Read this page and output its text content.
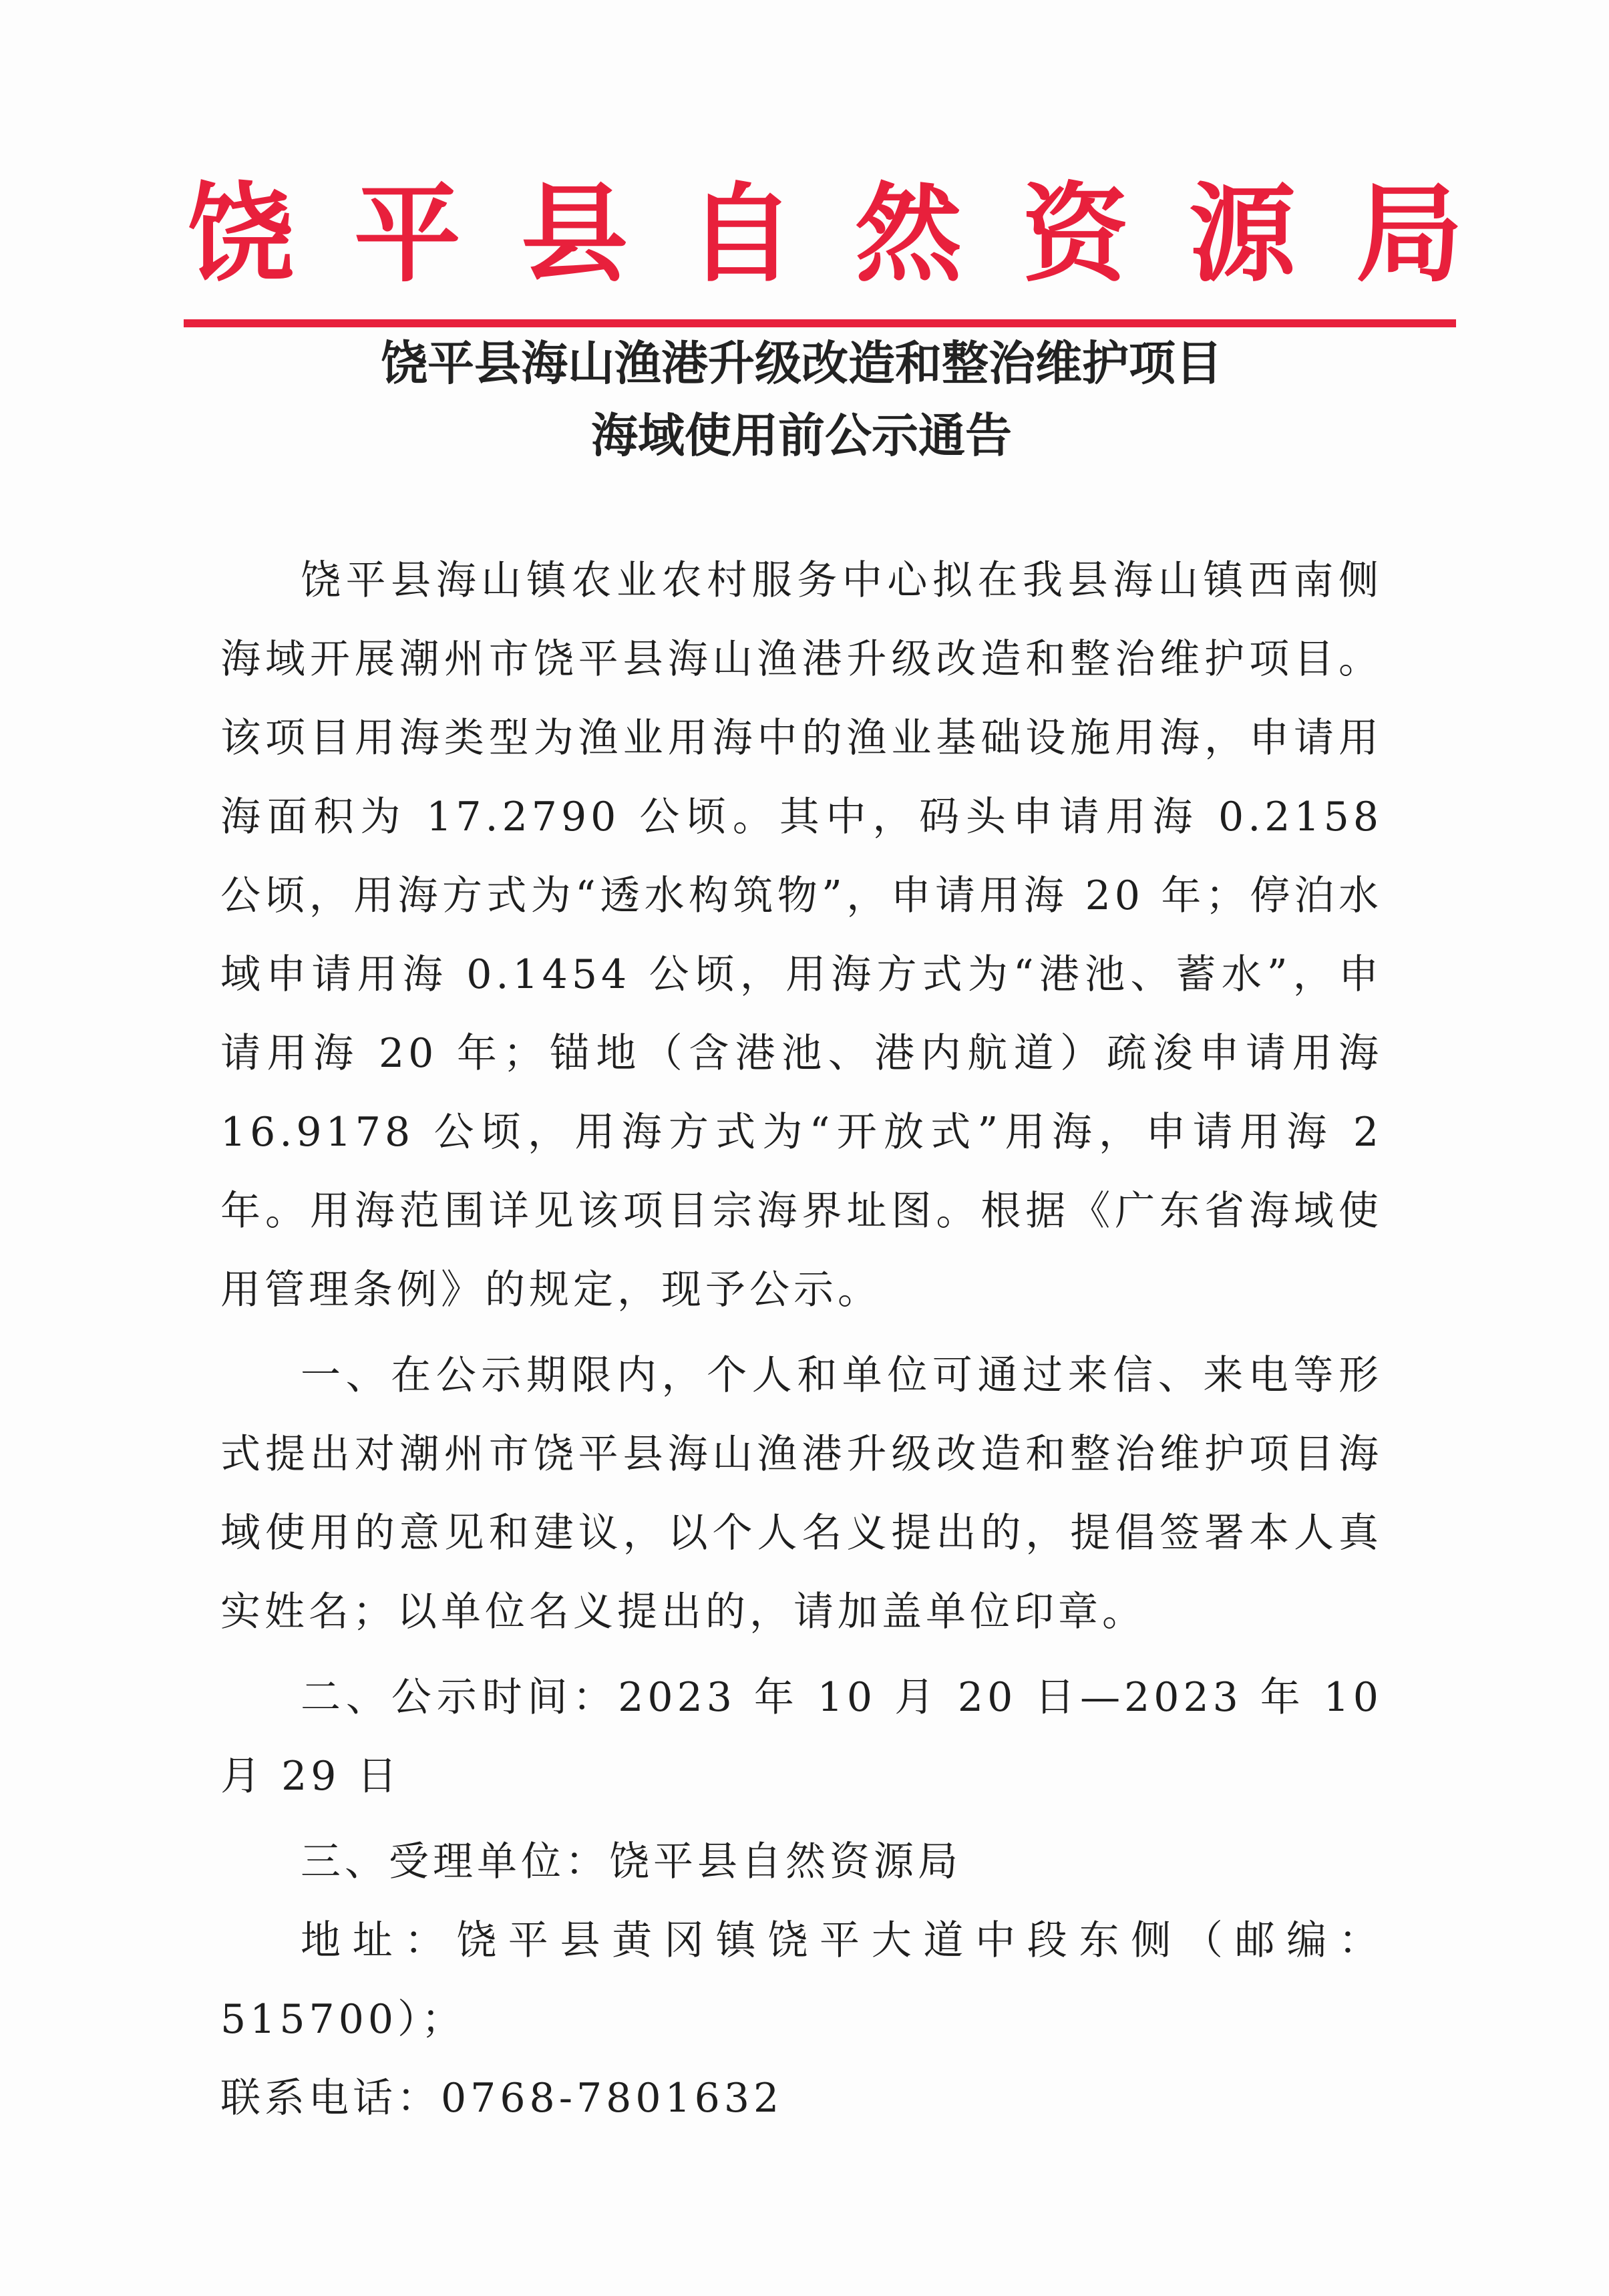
饶平县自然资源局
饶平县海山渔港升级改造和整治维护项目
海域使用前公示通告

饶平县海山镇农业农村服务中心拟在我县海山镇西南侧海域开展潮州市饶平县海山渔港升级改造和整治维护项目。该项目用海类型为渔业用海中的渔业基础设施用海，申请用海面积为 17.2790 公顷。其中，码头申请用海 0.2158 公顷，用海方式为“透水构筑物”，申请用海 20 年；停泊水域申请用海 0.1454 公顷，用海方式为“港池、蓄水”，申请用海 20 年；锚地（含港池、港内航道）疏浚申请用海 16.9178 公顷，用海方式为“开放式”用海，申请用海 2 年。用海范围详见该项目宗海界址图。根据《广东省海域使用管理条例》的规定，现予公示。

一、在公示期限内，个人和单位可通过来信、来电等形式提出对潮州市饶平县海山渔港升级改造和整治维护项目海域使用的意见和建议，以个人名义提出的，提倡签署本人真实姓名；以单位名义提出的，请加盖单位印章。

二、公示时间：2023 年 10 月 20 日—2023 年 10 月 29 日

三、受理单位：饶平县自然资源局

地址：饶平县黄冈镇饶平大道中段东侧（邮编：515700）；

联系电话：0768-7801632
